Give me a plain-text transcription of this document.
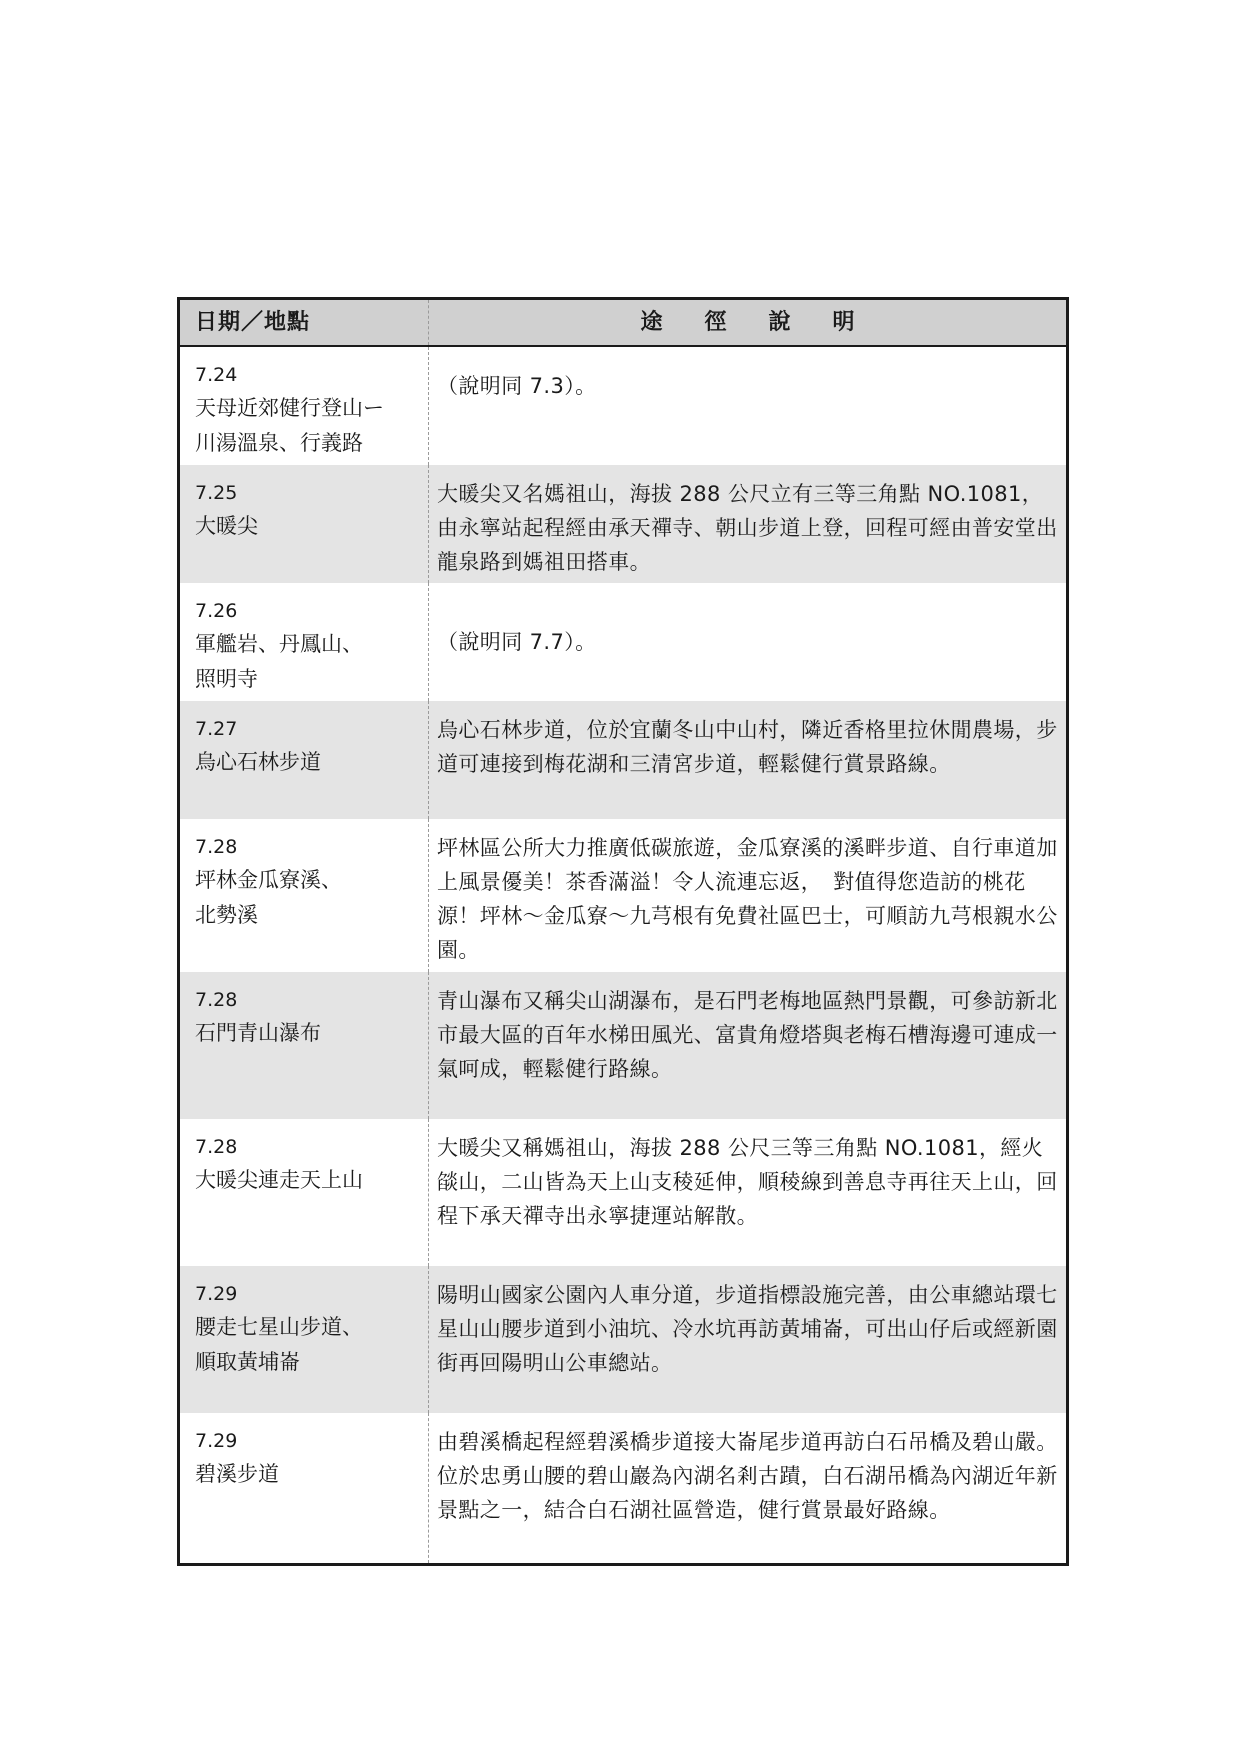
日期／地點	途徑說明
7.24
天母近郊健行登山ー
川湯溫泉、行義路
（說明同 7.3）。
7.25
大暖尖
大暖尖又名媽祖山，海拔 288 公尺立有三等三角點 NO.1081，由永寧站起程經由承天禪寺、朝山步道上登，回程可經由普安堂出龍泉路到媽祖田搭車。
7.26
軍艦岩、丹鳳山、
照明寺
（說明同 7.7）。
7.27
烏心石林步道
烏心石林步道，位於宜蘭冬山中山村，隣近香格里拉休閒農場，步道可連接到梅花湖和三清宮步道，輕鬆健行賞景路線。
7.28
坪林金瓜寮溪、
北勢溪
坪林區公所大力推廣低碳旅遊，金瓜寮溪的溪畔步道、自行車道加上風景優美！茶香滿溢！令人流連忘返，　對值得您造訪的桃花源！坪林～金瓜寮～九芎根有免費社區巴士，可順訪九芎根親水公園。
7.28
石門青山瀑布
青山瀑布又稱尖山湖瀑布，是石門老梅地區熱門景觀，可參訪新北市最大區的百年水梯田風光、富貴角燈塔與老梅石槽海邊可連成一氣呵成，輕鬆健行路線。
7.28
大暖尖連走天上山
大暖尖又稱媽祖山，海拔 288 公尺三等三角點 NO.1081，經火燄山，二山皆為天上山支稜延伸，順稜線到善息寺再往天上山，回程下承天禪寺出永寧捷運站解散。
7.29
腰走七星山步道、
順取黃埔崙
陽明山國家公園內人車分道，步道指標設施完善，由公車總站環七星山山腰步道到小油坑、冷水坑再訪黃埔崙，可出山仔后或經新園街再回陽明山公車總站。
7.29
碧溪步道
由碧溪橋起程經碧溪橋步道接大崙尾步道再訪白石吊橋及碧山嚴。位於忠勇山腰的碧山巖為內湖名剎古蹟，白石湖吊橋為內湖近年新景點之一，結合白石湖社區營造，健行賞景最好路線。
